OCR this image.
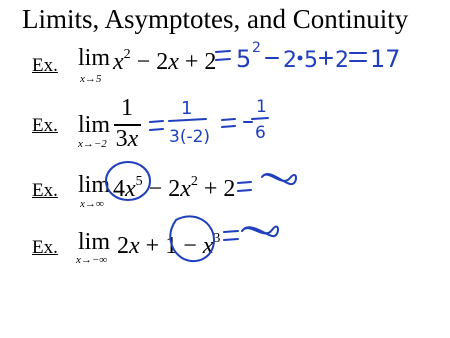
Limits, Asymptotes, and Continuity
Ex. lim
x→5
$x^2 - 2x + 2$
Ex. lim
x→−2
1
3x
Ex. lim
x→∞
$4x^5 - 2x^2 + 2$
Ex. lim
x→−∞
$2x + 1 - x^3$
5 2 2 5 2 17
1
3(-2)
1
6
